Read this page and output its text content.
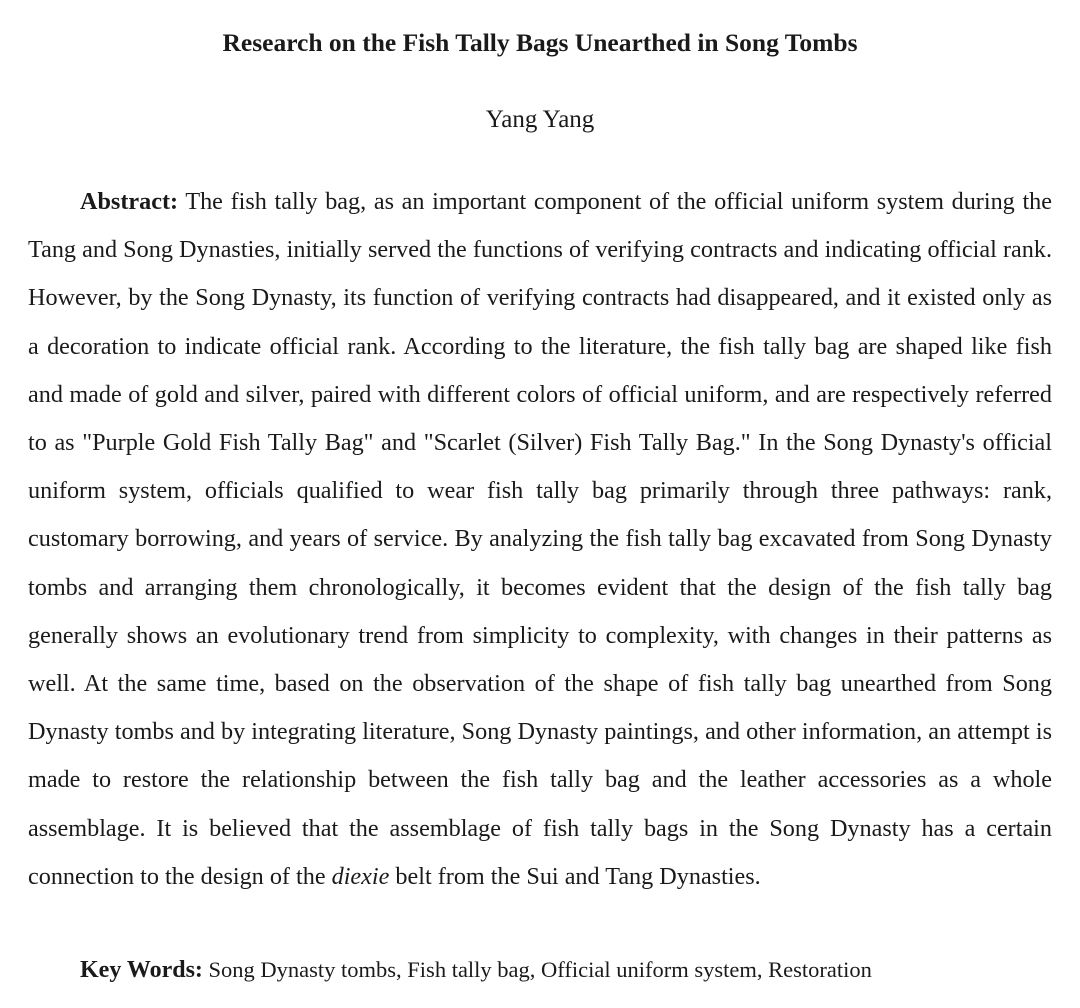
Research on the Fish Tally Bags Unearthed in Song Tombs

Yang Yang

Abstract: The fish tally bag, as an important component of the official uniform system during the Tang and Song Dynasties, initially served the functions of verifying contracts and indicating official rank. However, by the Song Dynasty, its function of verifying contracts had disappeared, and it existed only as a decoration to indicate official rank. According to the literature, the fish tally bag are shaped like fish and made of gold and silver, paired with different colors of official uniform, and are respectively referred to as "Purple Gold Fish Tally Bag" and "Scarlet (Silver) Fish Tally Bag." In the Song Dynasty's official uniform system, officials qualified to wear fish tally bag primarily through three pathways: rank, customary borrowing, and years of service. By analyzing the fish tally bag excavated from Song Dynasty tombs and arranging them chronologically, it becomes evident that the design of the fish tally bag generally shows an evolutionary trend from simplicity to complexity, with changes in their patterns as well. At the same time, based on the observation of the shape of fish tally bag unearthed from Song Dynasty tombs and by integrating literature, Song Dynasty paintings, and other information, an attempt is made to restore the relationship between the fish tally bag and the leather accessories as a whole assemblage. It is believed that the assemblage of fish tally bags in the Song Dynasty has a certain connection to the design of the diexie belt from the Sui and Tang Dynasties.

Key Words: Song Dynasty tombs, Fish tally bag, Official uniform system, Restoration
